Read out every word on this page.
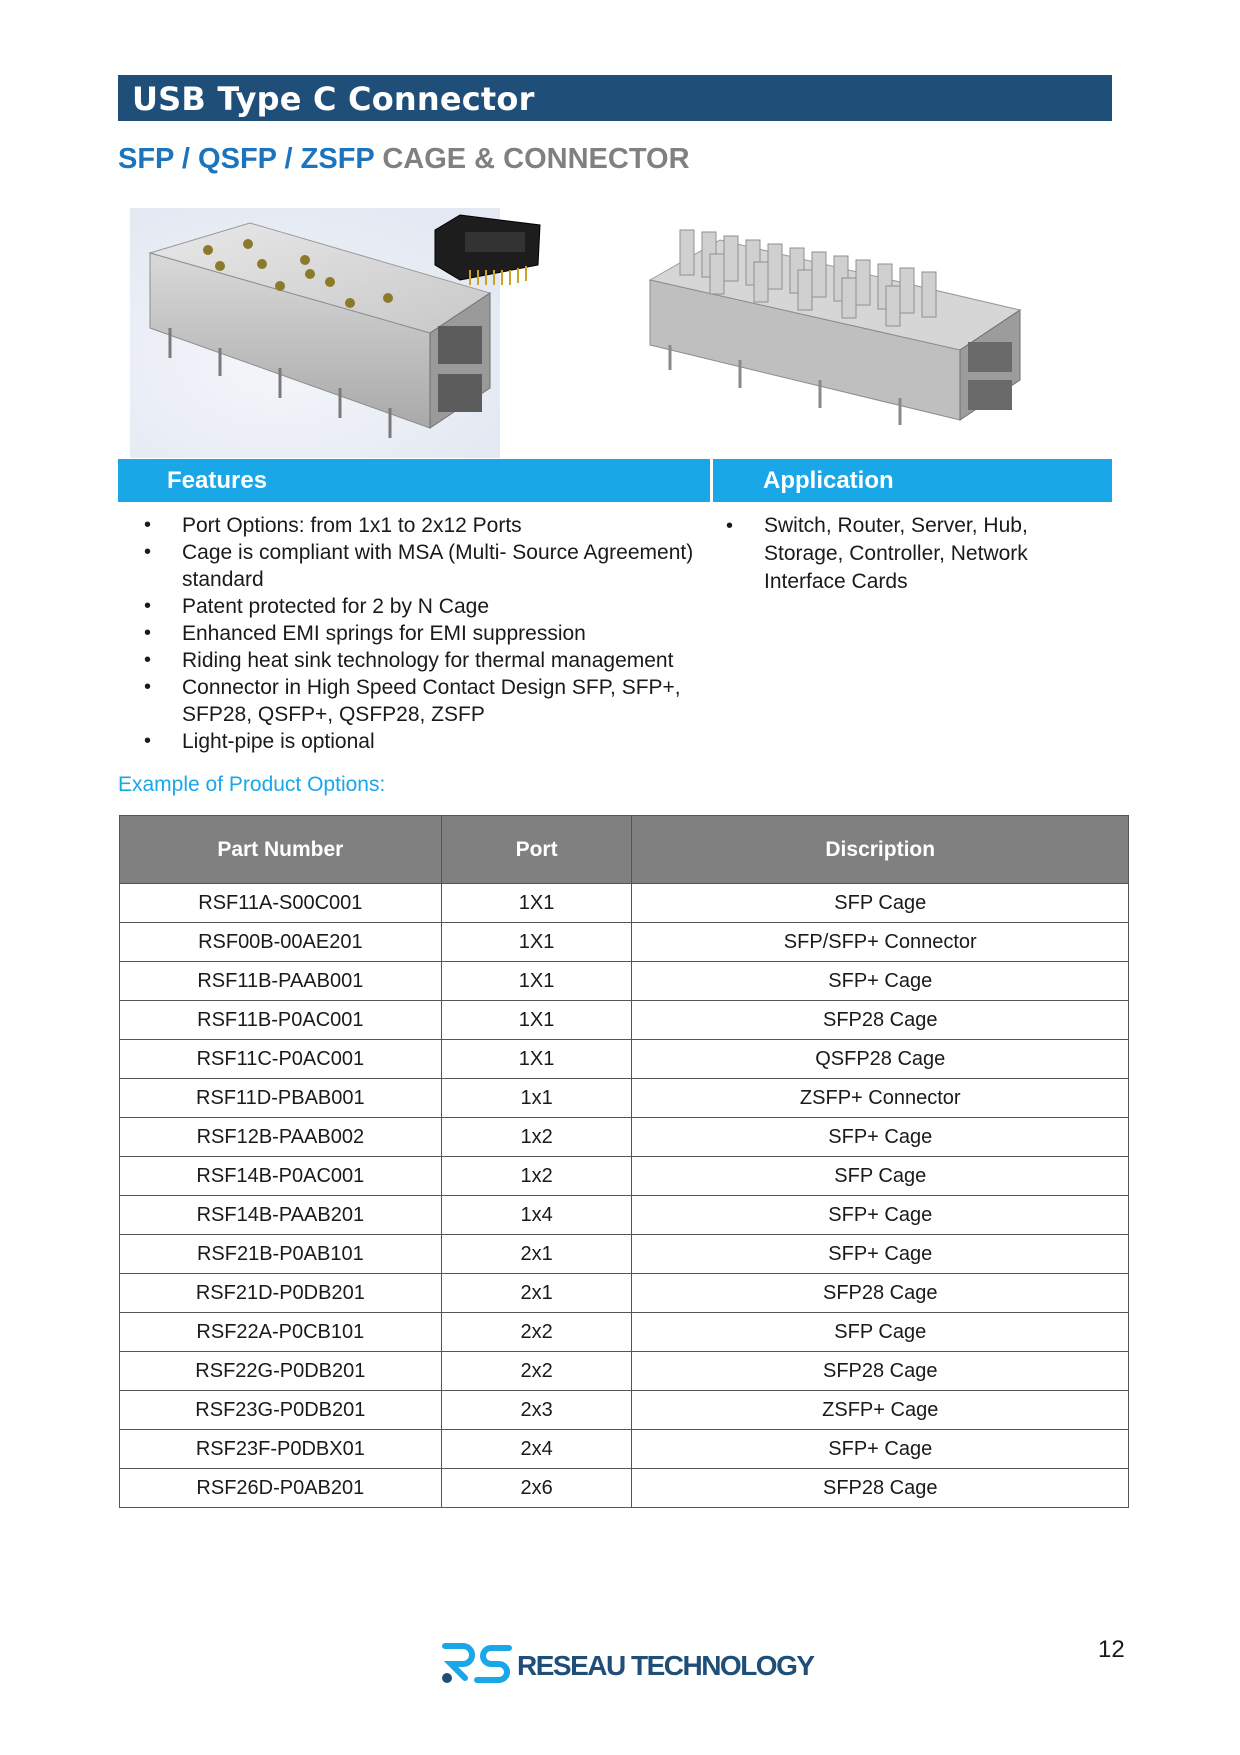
USB Type C Connector
SFP / QSFP / ZSFP CAGE & CONNECTOR
Features	Application
• Port Options: from 1x1 to 2x12 Ports
• Cage is compliant with MSA (Multi- Source Agreement) standard
• Patent protected for 2 by N Cage
• Enhanced EMI springs for EMI suppression
• Riding heat sink technology for thermal management
• Connector in High Speed Contact Design SFP, SFP+, SFP28, QSFP+, QSFP28, ZSFP
• Light-pipe is optional
• Switch, Router, Server, Hub, Storage, Controller, Network Interface Cards
Example of Product Options:
Part Number	Port	Discription
RSF11A-S00C001	1X1	SFP Cage
RSF00B-00AE201	1X1	SFP/SFP+ Connector
RSF11B-PAAB001	1X1	SFP+ Cage
RSF11B-P0AC001	1X1	SFP28 Cage
RSF11C-P0AC001	1X1	QSFP28 Cage
RSF11D-PBAB001	1x1	ZSFP+ Connector
RSF12B-PAAB002	1x2	SFP+ Cage
RSF14B-P0AC001	1x2	SFP Cage
RSF14B-PAAB201	1x4	SFP+ Cage
RSF21B-P0AB101	2x1	SFP+ Cage
RSF21D-P0DB201	2x1	SFP28 Cage
RSF22A-P0CB101	2x2	SFP Cage
RSF22G-P0DB201	2x2	SFP28 Cage
RSF23G-P0DB201	2x3	ZSFP+ Cage
RSF23F-P0DBX01	2x4	SFP+ Cage
RSF26D-P0AB201	2x6	SFP28 Cage
RESEAU TECHNOLOGY
12
